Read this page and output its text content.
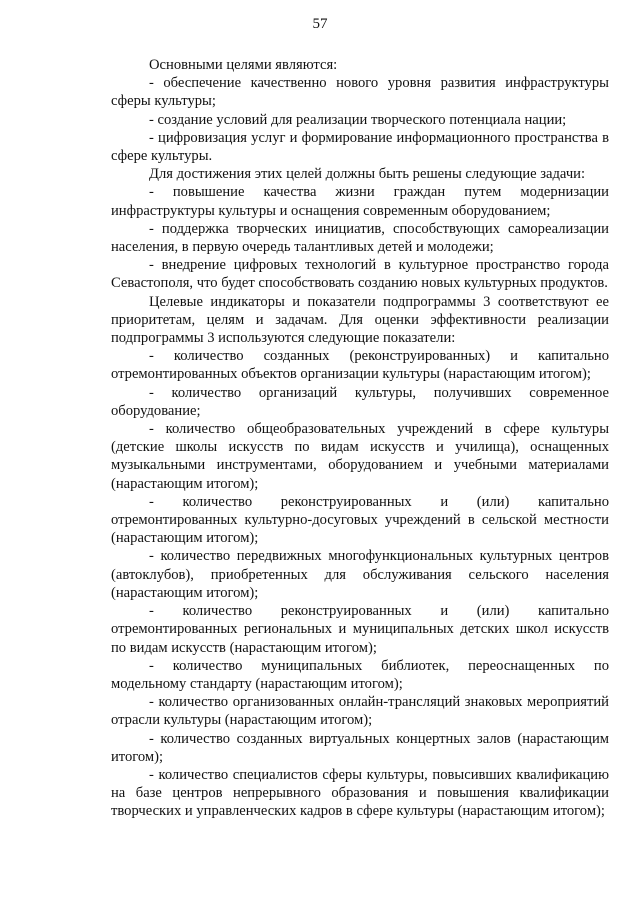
57

Основными целями являются:

- обеспечение качественно нового уровня развития инфраструктуры сферы культуры;

- создание условий для реализации творческого потенциала нации;

- цифровизация услуг и формирование информационного пространства в сфере культуры.

Для достижения этих целей должны быть решены следующие задачи:

- повышение качества жизни граждан путем модернизации инфраструктуры культуры и оснащения современным оборудованием;

- поддержка творческих инициатив, способствующих самореализации населения, в первую очередь талантливых детей и молодежи;

- внедрение цифровых технологий в культурное пространство города Севастополя, что будет способствовать созданию новых культурных продуктов.

Целевые индикаторы и показатели подпрограммы 3 соответствуют ее приоритетам, целям и задачам. Для оценки эффективности реализации подпрограммы 3 используются следующие показатели:

- количество созданных (реконструированных) и капитально отремонтированных объектов организации культуры (нарастающим итогом);

- количество организаций культуры, получивших современное оборудование;

- количество общеобразовательных учреждений в сфере культуры (детские школы искусств по видам искусств и училища), оснащенных музыкальными инструментами, оборудованием и учебными материалами (нарастающим итогом);

- количество реконструированных и (или) капитально отремонтированных культурно-досуговых учреждений в сельской местности (нарастающим итогом);

- количество передвижных многофункциональных культурных центров (автоклубов), приобретенных для обслуживания сельского населения (нарастающим итогом);

- количество реконструированных и (или) капитально отремонтированных региональных и муниципальных детских школ искусств по видам искусств (нарастающим итогом);

- количество муниципальных библиотек, переоснащенных по модельному стандарту (нарастающим итогом);

- количество организованных онлайн-трансляций знаковых мероприятий отрасли культуры (нарастающим итогом);

- количество созданных виртуальных концертных залов (нарастающим итогом);

- количество специалистов сферы культуры, повысивших квалификацию на базе центров непрерывного образования и повышения квалификации творческих и управленческих кадров в сфере культуры (нарастающим итогом);
